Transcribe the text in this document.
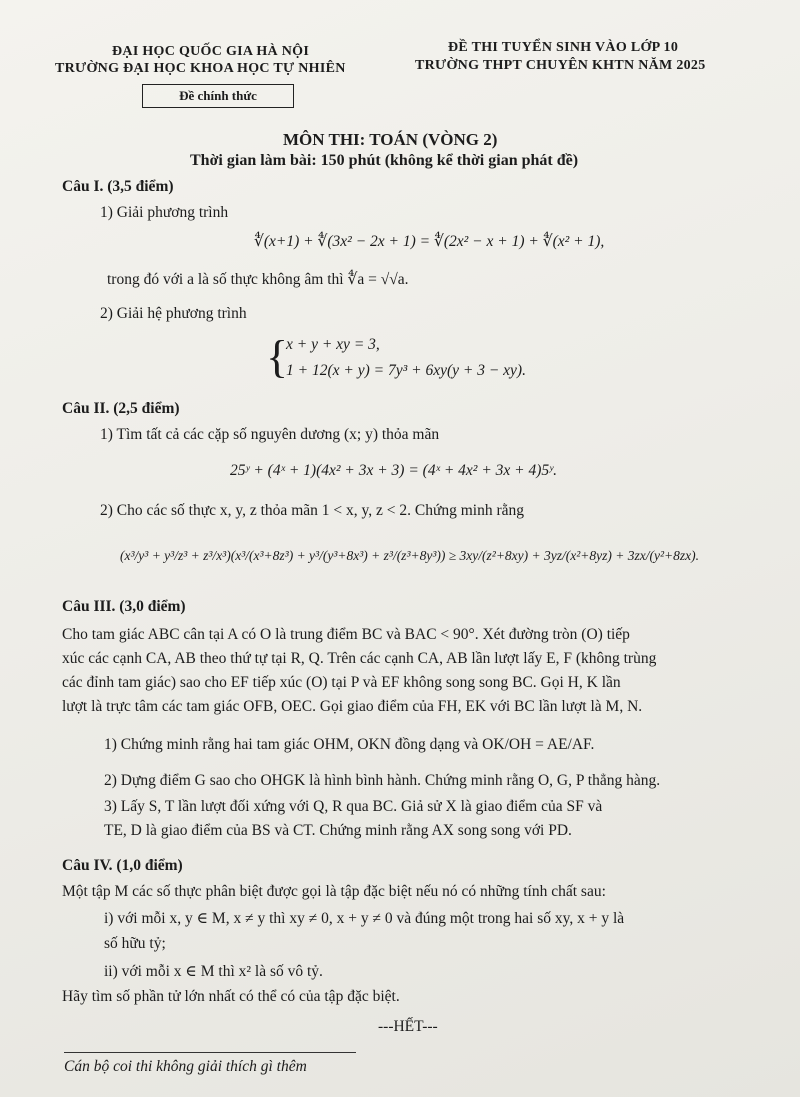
ĐẠI HỌC QUỐC GIA HÀ NỘI
TRƯỜNG ĐẠI HỌC KHOA HỌC TỰ NHIÊN
ĐỀ THI TUYỂN SINH VÀO LỚP 10
TRƯỜNG THPT CHUYÊN KHTN NĂM 2025
Đề chính thức
MÔN THI: TOÁN (VÒNG 2)
Thời gian làm bài: 150 phút (không kể thời gian phát đề)
Câu I. (3,5 điểm)
1) Giải phương trình
∜(x+1) + ∜(3x² − 2x + 1) = ∜(2x² − x + 1) + ∜(x² + 1),
trong đó với a là số thực không âm thì ∜a = √√a.
2) Giải hệ phương trình
{
x + y + xy = 3,
1 + 12(x + y) = 7y³ + 6xy(y + 3 − xy).
Câu II. (2,5 điểm)
1) Tìm tất cả các cặp số nguyên dương (x; y) thỏa mãn
25ʸ + (4ˣ + 1)(4x² + 3x + 3) = (4ˣ + 4x² + 3x + 4)5ʸ.
2) Cho các số thực x, y, z thỏa mãn 1 < x, y, z < 2. Chứng minh rằng
(x³/y³ + y³/z³ + z³/x³)(x³/(x³+8z³) + y³/(y³+8x³) + z³/(z³+8y³)) ≥ 3xy/(z²+8xy) + 3yz/(x²+8yz) + 3zx/(y²+8zx).
Câu III. (3,0 điểm)
Cho tam giác ABC cân tại A có O là trung điểm BC và BAC < 90°. Xét đường tròn (O) tiếp
xúc các cạnh CA, AB theo thứ tự tại R, Q. Trên các cạnh CA, AB lần lượt lấy E, F (không trùng
các đỉnh tam giác) sao cho EF tiếp xúc (O) tại P và EF không song song BC. Gọi H, K lần
lượt là trực tâm các tam giác OFB, OEC. Gọi giao điểm của FH, EK với BC lần lượt là M, N.
1) Chứng minh rằng hai tam giác OHM, OKN đồng dạng và OK/OH = AE/AF.
2) Dựng điểm G sao cho OHGK là hình bình hành. Chứng minh rằng O, G, P thẳng hàng.
3) Lấy S, T lần lượt đối xứng với Q, R qua BC. Giả sử X là giao điểm của SF và
TE, D là giao điểm của BS và CT. Chứng minh rằng AX song song với PD.
Câu IV. (1,0 điểm)
Một tập M các số thực phân biệt được gọi là tập đặc biệt nếu nó có những tính chất sau:
i) với mỗi x, y ∈ M, x ≠ y thì xy ≠ 0, x + y ≠ 0 và đúng một trong hai số xy, x + y là
số hữu tỷ;
ii) với mỗi x ∈ M thì x² là số vô tỷ.
Hãy tìm số phần tử lớn nhất có thể có của tập đặc biệt.
---HẾT---
Cán bộ coi thi không giải thích gì thêm
